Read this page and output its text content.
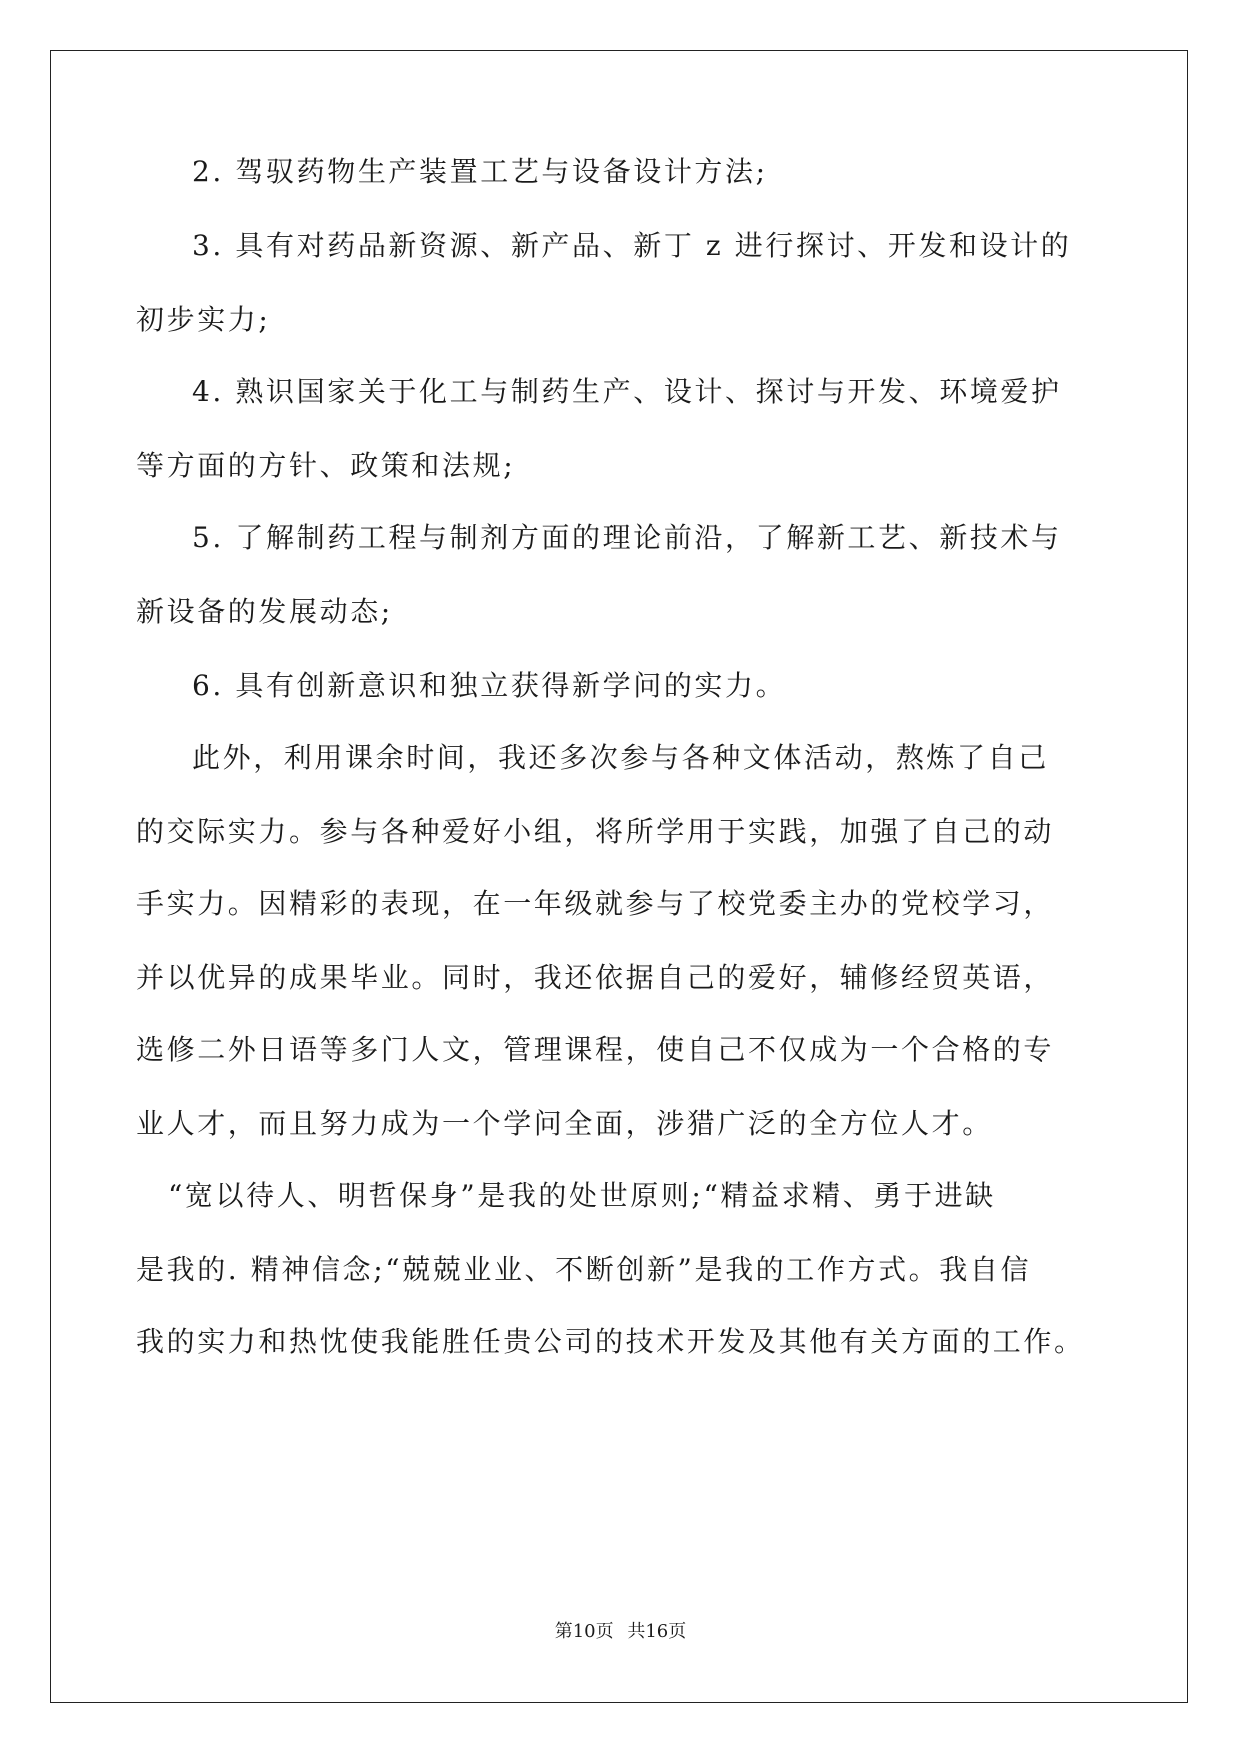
2. 驾驭药物生产装置工艺与设备设计方法;
3. 具有对药品新资源、新产品、新丁 z 进行探讨、开发和设计的
初步实力;
4. 熟识国家关于化工与制药生产、设计、探讨与开发、环境爱护
等方面的方针、政策和法规;
5. 了解制药工程与制剂方面的理论前沿，了解新工艺、新技术与
新设备的发展动态;
6. 具有创新意识和独立获得新学问的实力。
此外，利用课余时间，我还多次参与各种文体活动，熬炼了自己
的交际实力。参与各种爱好小组，将所学用于实践，加强了自己的动
手实力。因精彩的表现，在一年级就参与了校党委主办的党校学习，
并以优异的成果毕业。同时，我还依据自己的爱好，辅修经贸英语，
选修二外日语等多门人文，管理课程，使自己不仅成为一个合格的专
业人才，而且努力成为一个学问全面，涉猎广泛的全方位人才。
“宽以待人、明哲保身”是我的处世原则;“精益求精、勇于进缺
是我的. 精神信念;“兢兢业业、不断创新”是我的工作方式。我自信
我的实力和热忱使我能胜任贵公司的技术开发及其他有关方面的工作。
第10页 共16页
